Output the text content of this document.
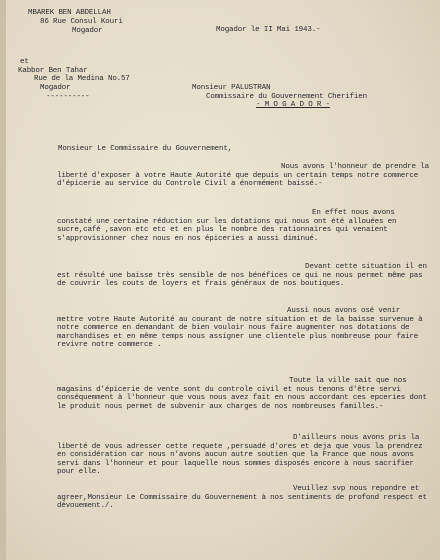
MBAREK BEN ABDELLAH
86 Rue Consul Kouri
Mogador	Mogador le II Mai 1943.-
et
Kabbor Ben Tahar
Rue de la Medina No.57
Mogador
----------
Monsieur PALUSTRAN
Commissaire du Gouvernement Cherifien
- M O G A D O R -
Monsieur Le Commissaire du Gouvernement,
Nous avons l'honneur de prendre la liberté d'exposer à votre Haute Autorité que depuis un certain temps notre commerce d'épicerie au service du Controle Civil a énormément baissé.-
En effet nous avons constaté une certaine réduction sur les dotations qui nous ont été allouées en sucre,café ,savon etc etc et en plus le nombre des rationnaires qui venaient s'approvisionner chez nous en nos épiceries a aussi diminué.
Devant cette situation il en est résulté une baisse très sensible de nos bénéfices ce qui ne nous permet même pas de couvrir les couts de loyers et frais généraux de nos boutiques.
Aussi nous avons osé venir mettre votre Haute Autorité au courant de notre situation et de la baisse survenue à notre commerce en demandant de bien vouloir nous faire augmenter nos dotations de marchandises et en même temps nous assigner une clientele plus nombreuse pour faire revivre notre commerce .
Toute la ville sait que nos magasins d'épicerie de vente sont du controle civil et nous tenons d'être servi conséquemment à l'honneur que vous nous avez fait en nous accordant ces epceries dont le produit nous permet de subvenir aux charges de nos nombreuses familles.-
D'ailleurs nous avons pris la liberté de vous adresser cette requete ,persuadé d'ores et deja que vous la prendrez en considération car nous n'avons aucun autre soutien que la France que nous avons servi dans l'honneur et pour laquelle nous sommes disposés encore à nous sacrifier pour elle.
Veuillez svp nous repondre et agreer,Monsieur Le Commissaire du Gouvernement à nos sentiments de profond respect et dévouement./.
